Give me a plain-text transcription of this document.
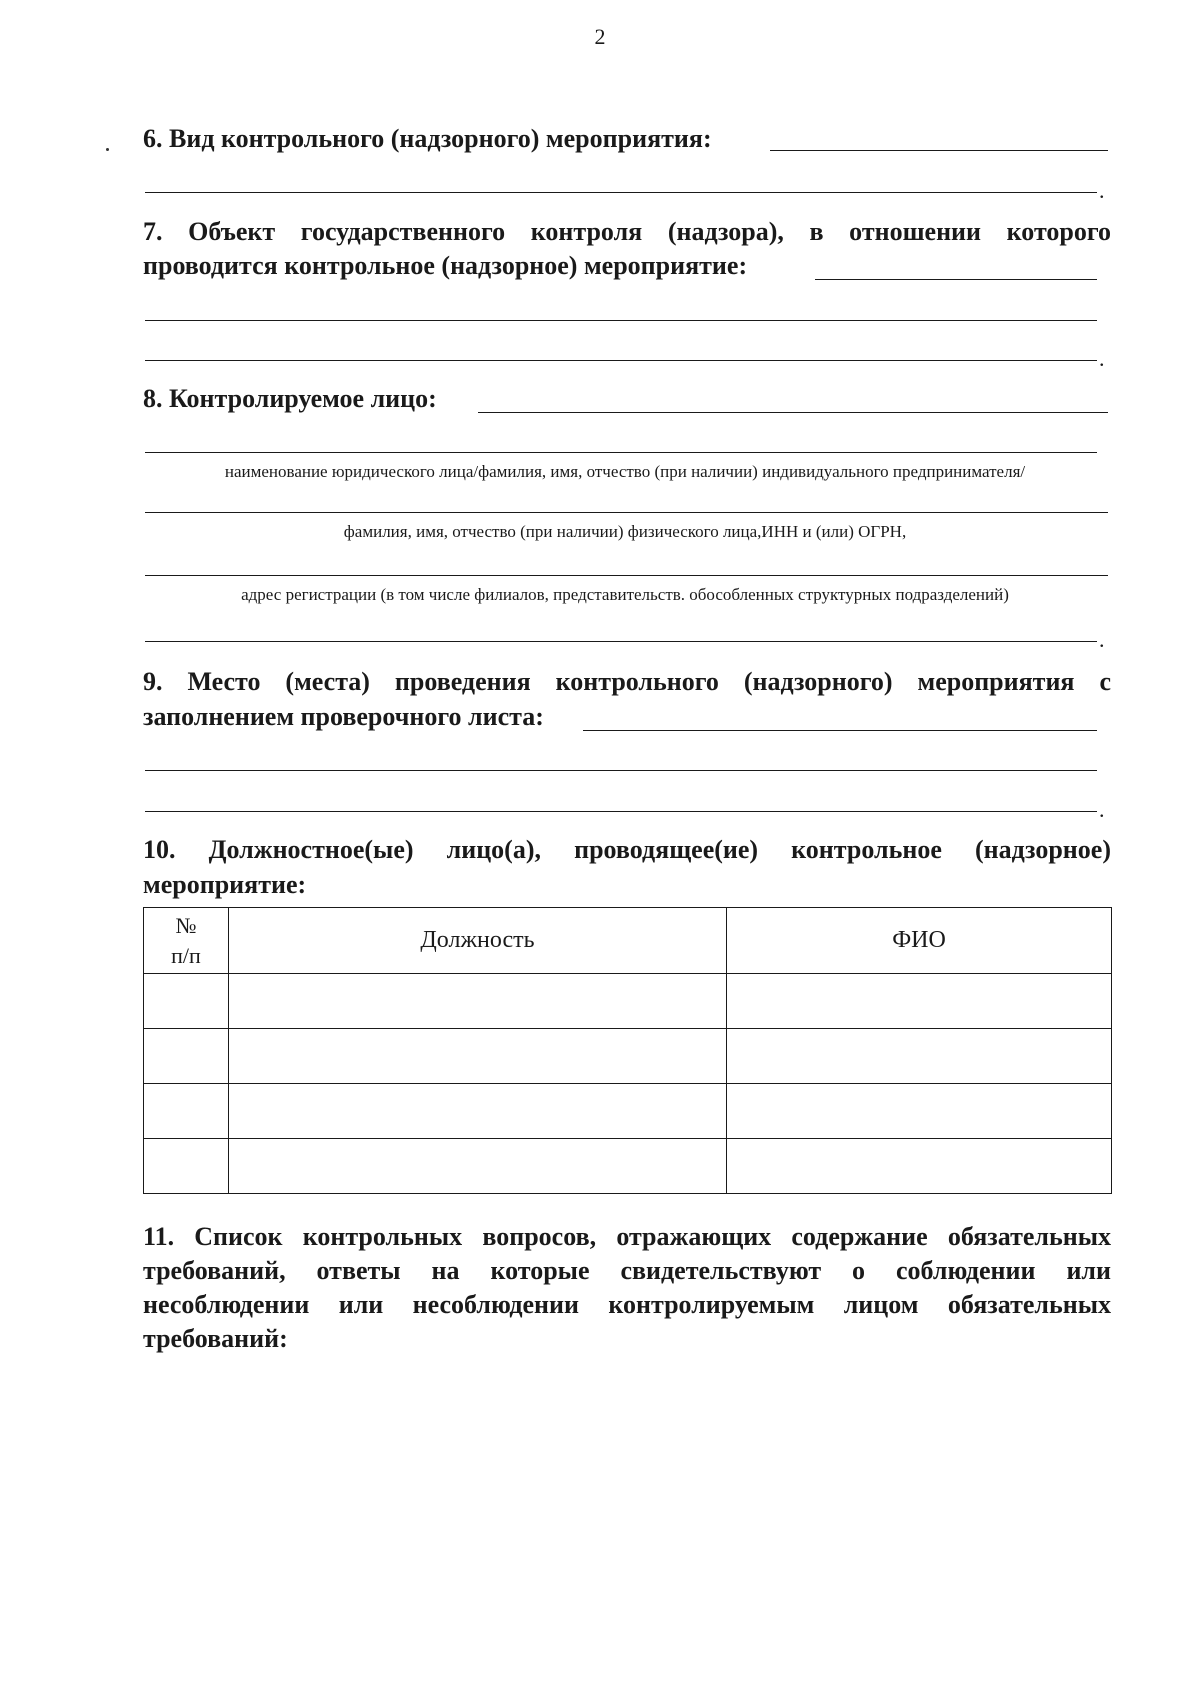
2
6. Вид контрольного (надзорного) мероприятия:
.
7. Объект государственного контроля (надзора), в отношении которого
проводится контрольное (надзорное) мероприятие:
.
8. Контролируемое лицо:
наименование юридического лица/фамилия, имя, отчество (при наличии) индивидуального предпринимателя/
фамилия, имя, отчество (при наличии) физического лица,ИНН и (или) ОГРН,
адрес регистрации (в том числе филиалов, представительств. обособленных структурных подразделений)
.
9. Место (места) проведения контрольного (надзорного) мероприятия с
заполнением проверочного листа:
.
10. Должностное(ые) лицо(а), проводящее(ие) контрольное (надзорное)
мероприятие:
№
п/п	Должность	ФИО

11. Список контрольных вопросов, отражающих содержание обязательных
требований, ответы на которые свидетельствуют о соблюдении или
несоблюдении или несоблюдении контролируемым лицом обязательных
требований:
